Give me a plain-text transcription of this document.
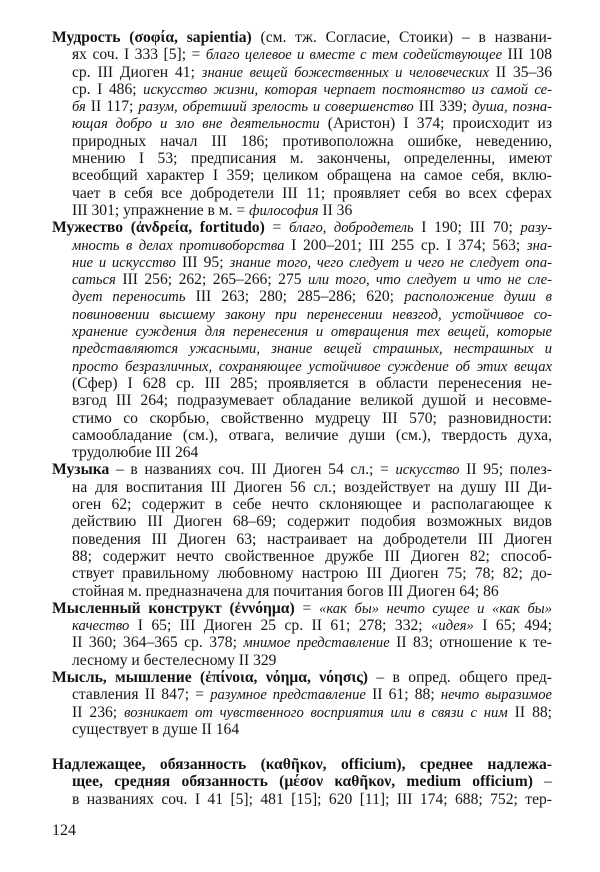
Мудрость (σοφία, sapientia) (см. тж. Согласие, Стоики) – в названи-
ях соч. I 333 [5]; = благо целевое и вместе с тем содействующее III 108
ср. III Диоген 41; знание вещей божественных и человеческих II 35–36
ср. I 486; искусство жизни, которая черпает постоянство из самой се-
бя II 117; разум, обретший зрелость и совершенство III 339; душа, позна-
ющая добро и зло вне деятельности (Аристон) I 374; происходит из
природных начал III 186; противоположна ошибке, неведению,
мнению I 53; предписания м. закончены, определенны, имеют
всеобщий характер I 359; целиком обращена на самое себя, вклю-
чает в себя все добродетели III 11; проявляет себя во всех сферах
III 301; упражнение в м. = философия II 36
Мужество (ἀνδρεία, fortitudo) = благо, добродетель I 190; III 70; разу-
мность в делах противоборства I 200–201; III 255 ср. I 374; 563; зна-
ние и искусство III 95; знание того, чего следует и чего не следует опа-
саться III 256; 262; 265–266; 275 или того, что следует и что не сле-
дует переносить III 263; 280; 285–286; 620; расположение души в
повиновении высшему закону при перенесении невзгод, устойчивое со-
хранение суждения для перенесения и отвращения тех вещей, которые
представляются ужасными, знание вещей страшных, нестрашных и
просто безразличных, сохраняющее устойчивое суждение об этих вещах
(Сфер) I 628 ср. III 285; проявляется в области перенесения не-
взгод III 264; подразумевает обладание великой душой и несовме-
стимо со скорбью, свойственно мудрецу III 570; разновидности:
самообладание (см.), отвага, величие души (см.), твердость духа,
трудолюбие III 264
Музыка – в названиях соч. III Диоген 54 сл.; = искусство II 95; полез-
на для воспитания III Диоген 56 сл.; воздействует на душу III Ди-
оген 62; содержит в себе нечто склоняющее и располагающее к
действию III Диоген 68–69; содержит подобия возможных видов
поведения III Диоген 63; настраивает на добродетели III Диоген
88; содержит нечто свойственное дружбе III Диоген 82; способ-
ствует правильному любовному настрою III Диоген 75; 78; 82; до-
стойная м. предназначена для почитания богов III Диоген 64; 86
Мысленный конструкт (ἐννόημα) = «как бы» нечто сущее и «как бы»
качество I 65; III Диоген 25 ср. II 61; 278; 332; «идея» I 65; 494;
II 360; 364–365 ср. 378; мнимое представление II 83; отношение к те-
лесному и бестелесному II 329
Мысль, мышление (ἐπίνοια, νόημα, νόησις) – в опред. общего пред-
ставления II 847; = разумное представление II 61; 88; нечто выразимое
II 236; возникает от чувственного восприятия или в связи с ним II 88;
существует в душе II 164
Надлежащее, обязанность (καθῆκον, officium), среднее надлежа-
щее, средняя обязанность (μέσον καθῆκον, medium officium) –
в названиях соч. I 41 [5]; 481 [15]; 620 [11]; III 174; 688; 752; тер-
124
